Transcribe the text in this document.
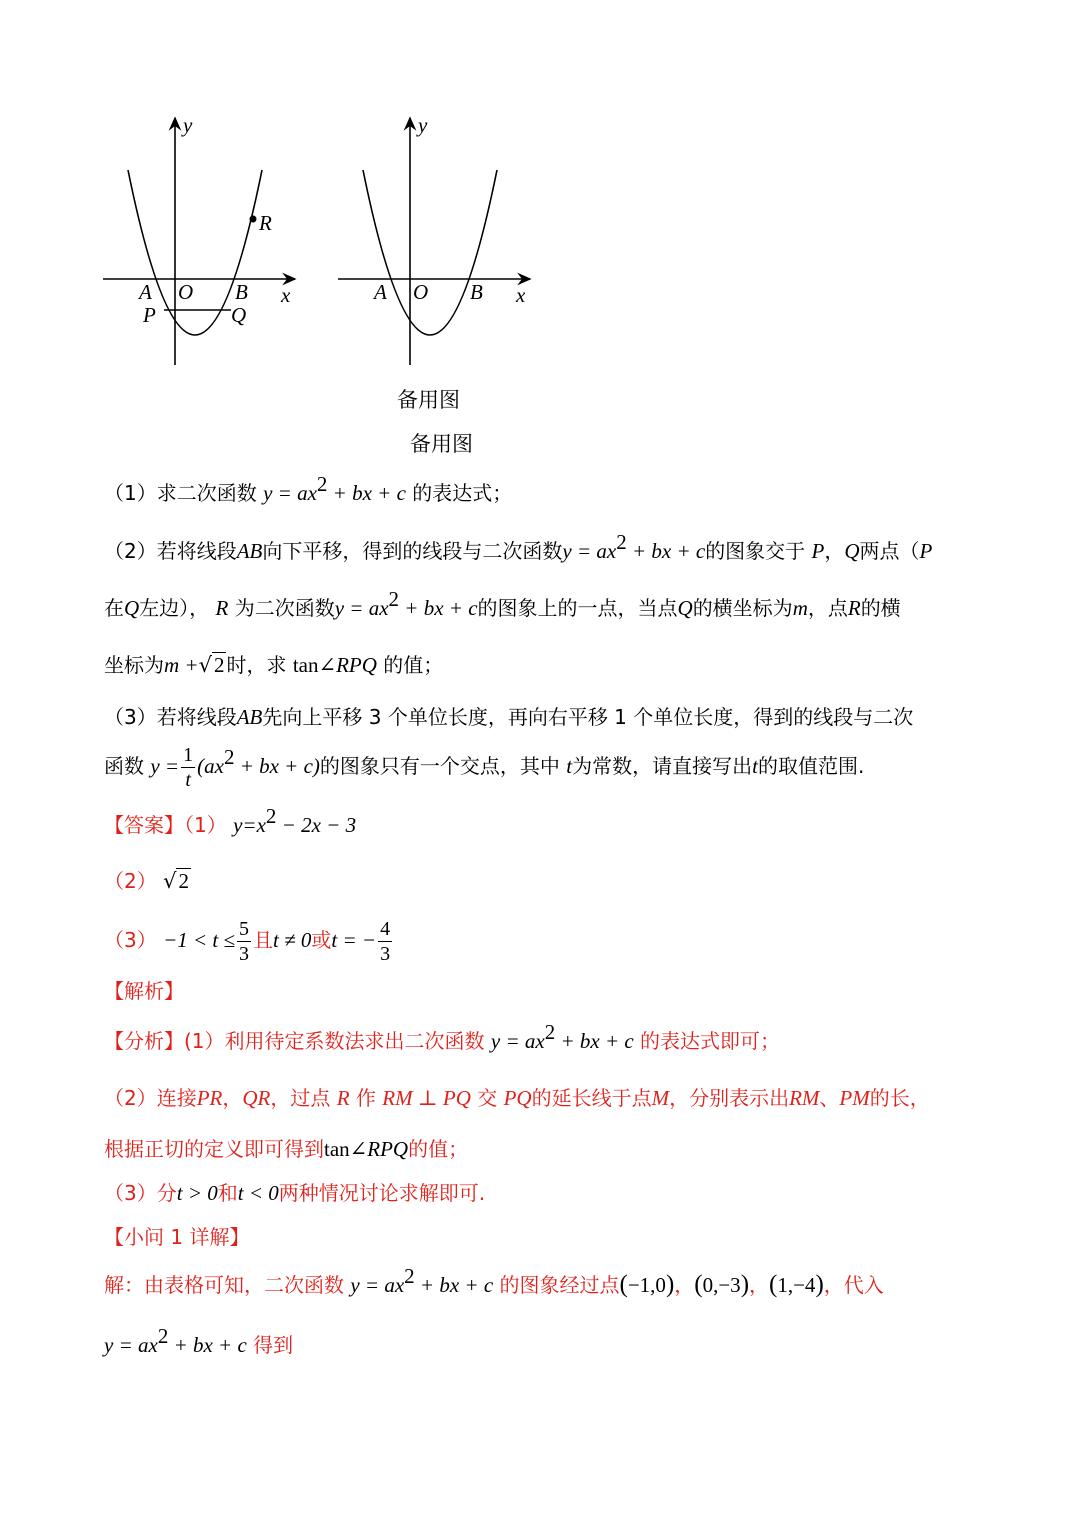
y
x
A O B
P	Q
R
y
x
A O B
备用图
备用图
（1）求二次函数 $y = ax^2$ + bx + c 的表达式；
（2）若将线段AB向下平移，得到的线段与二次函数$y = ax^2$ + bx + c的图象交于 P，Q两点（P
在Q左边）， R 为二次函数$y = ax^2$ + bx + c的图象上的一点，当点Q的横坐标为m，点R的横
坐标为m +√2 时，求 tan∠RPQ 的值；
（3）若将线段AB先向上平移 3 个单位长度，再向右平移 1 个单位长度，得到的线段与二次
函数 $y = \frac{1}{t} (ax^2$ + bx + c)的图象只有一个交点，其中 t为常数，请直接写出t的取值范围.
【答案】（1） $y=x^2 - 2x - 3$
（2） √2
$(3) -1 < t \le \frac{5}{3}$ 且t ≠ 0或t = − $\frac{4}{3}$
【解析】
【分析】(1）利用待定系数法求出二次函数 $y = ax^2$ + bx + c 的表达式即可；
（2）连接PR，QR，过点 R 作 RM ⊥ PQ 交 PQ的延长线于点M，分别表示出RM、PM的长，
根据正切的定义即可得到tan∠RPQ的值；
（3）分t > 0和t < 0两种情况讨论求解即可.
【小问 1 详解】
解：由表格可知，二次函数 $y = ax^2$ + bx + c 的图象经过点(−1,0)，(0,−3)，(1,−4)，代入
$y = ax^2$ + bx + c 得到
